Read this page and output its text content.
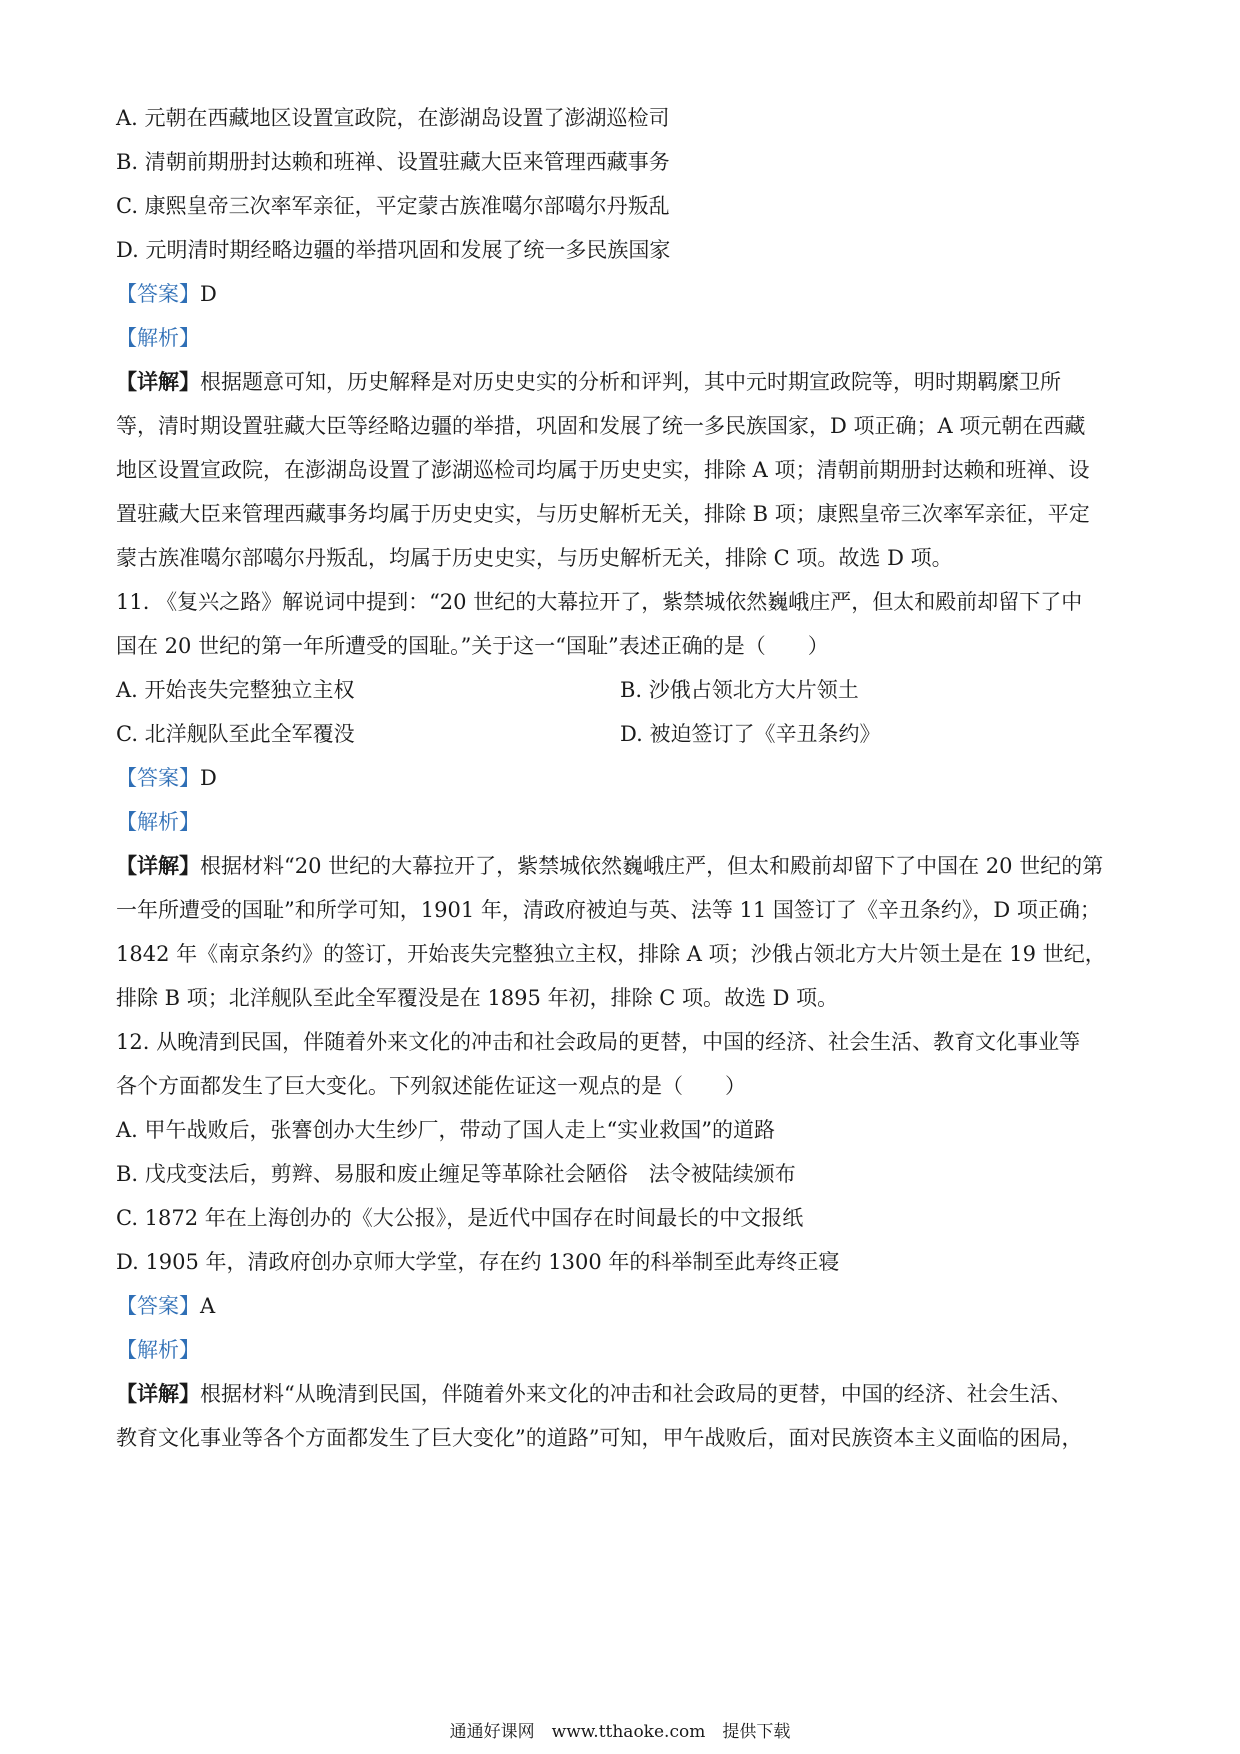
A. 元朝在西藏地区设置宣政院，在澎湖岛设置了澎湖巡检司
B. 清朝前期册封达赖和班禅、设置驻藏大臣来管理西藏事务
C. 康熙皇帝三次率军亲征，平定蒙古族准噶尔部噶尔丹叛乱
D. 元明清时期经略边疆的举措巩固和发展了统一多民族国家
【答案】D
【解析】
【详解】根据题意可知，历史解释是对历史史实的分析和评判，其中元时期宣政院等，明时期羁縻卫所
等，清时期设置驻藏大臣等经略边疆的举措，巩固和发展了统一多民族国家，D 项正确；A 项元朝在西藏
地区设置宣政院，在澎湖岛设置了澎湖巡检司均属于历史史实，排除 A 项；清朝前期册封达赖和班禅、设
置驻藏大臣来管理西藏事务均属于历史史实，与历史解析无关，排除 B 项；康熙皇帝三次率军亲征，平定
蒙古族准噶尔部噶尔丹叛乱，均属于历史史实，与历史解析无关，排除 C 项。故选 D 项。
11. 《复兴之路》解说词中提到：“20 世纪的大幕拉开了，紫禁城依然巍峨庄严，但太和殿前却留下了中
国在 20 世纪的第一年所遭受的国耻。”关于这一“国耻”表述正确的是（　　）
A. 开始丧失完整独立主权	B. 沙俄占领北方大片领土
C. 北洋舰队至此全军覆没	D. 被迫签订了《辛丑条约》
【答案】D
【解析】
【详解】根据材料“20 世纪的大幕拉开了，紫禁城依然巍峨庄严，但太和殿前却留下了中国在 20 世纪的第
一年所遭受的国耻”和所学可知，1901 年，清政府被迫与英、法等 11 国签订了《辛丑条约》，D 项正确；
1842 年《南京条约》的签订，开始丧失完整独立主权，排除 A 项；沙俄占领北方大片领土是在 19 世纪，
排除 B 项；北洋舰队至此全军覆没是在 1895 年初，排除 C 项。故选 D 项。
12. 从晚清到民国，伴随着外来文化的冲击和社会政局的更替，中国的经济、社会生活、教育文化事业等
各个方面都发生了巨大变化。下列叙述能佐证这一观点的是（　　）
A. 甲午战败后，张謇创办大生纱厂，带动了国人走上“实业救国”的道路
B. 戊戌变法后，剪辫、易服和废止缠足等革除社会陋俗　法令被陆续颁布
C. 1872 年在上海创办的《大公报》，是近代中国存在时间最长的中文报纸
D. 1905 年，清政府创办京师大学堂，存在约 1300 年的科举制至此寿终正寝
【答案】A
【解析】
【详解】根据材料“从晚清到民国，伴随着外来文化的冲击和社会政局的更替，中国的经济、社会生活、
教育文化事业等各个方面都发生了巨大变化”的道路”可知，甲午战败后，面对民族资本主义面临的困局，
通通好课网　www.tthaoke.com　提供下载
